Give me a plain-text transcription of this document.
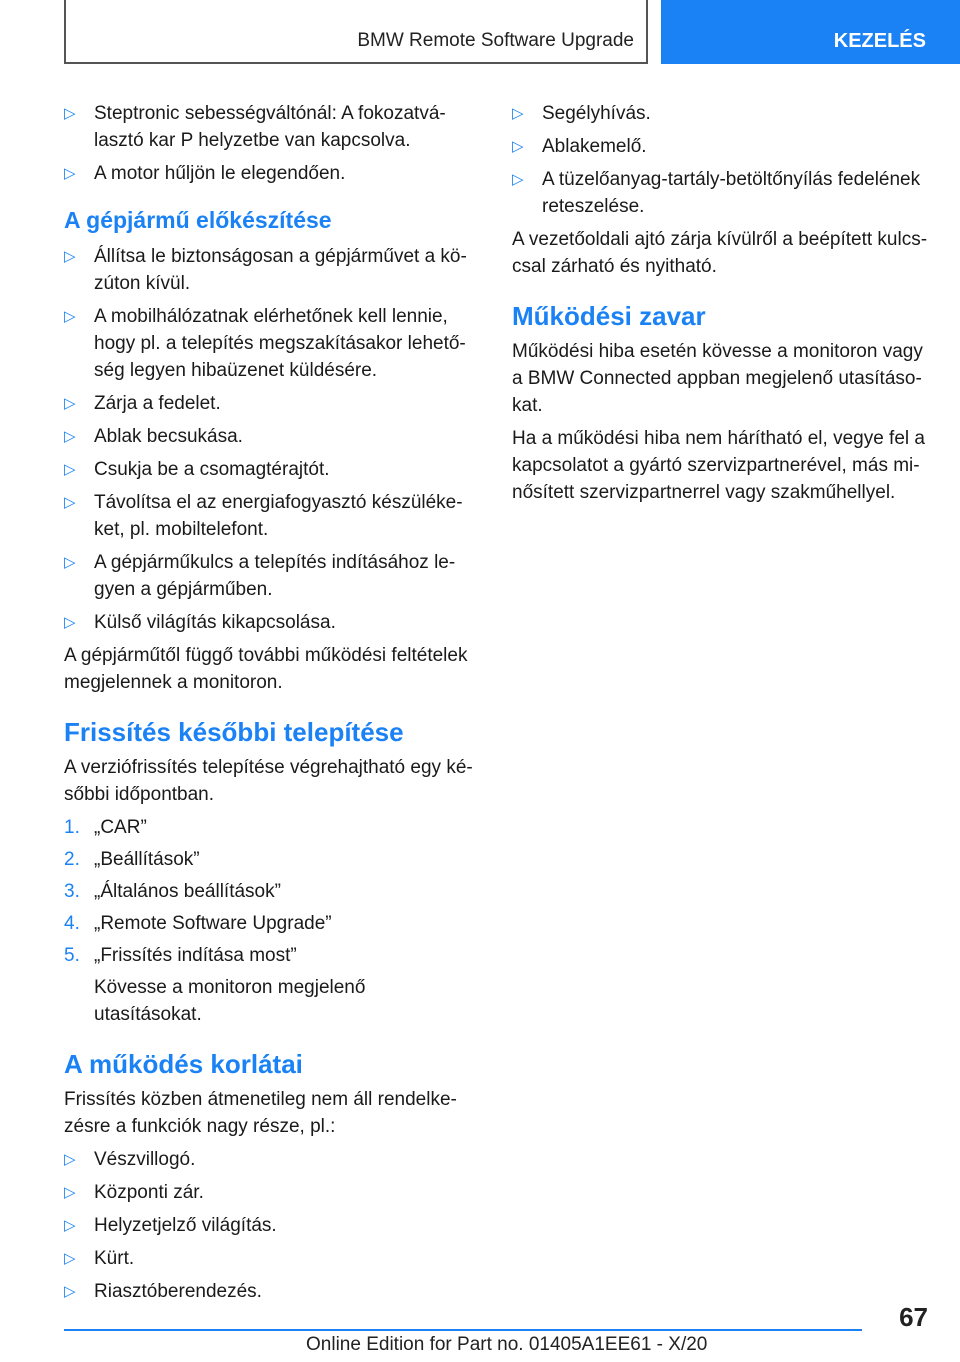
BMW Remote Software Upgrade	KEZELÉS
▷ Steptronic sebességváltónál: A fokozatvá-lasztó kar P helyzetbe van kapcsolva.
▷ A motor hűljön le elegendően.
A gépjármű előkészítése
▷ Állítsa le biztonságosan a gépjárművet a kö-zúton kívül.
▷ A mobilhálózatnak elérhetőnek kell lennie, hogy pl. a telepítés megszakításakor lehető-ség legyen hibaüzenet küldésére.
▷ Zárja a fedelet.
▷ Ablak becsukása.
▷ Csukja be a csomagtérajtót.
▷ Távolítsa el az energiafogyasztó készüléke-ket, pl. mobiltelefont.
▷ A gépjárműkulcs a telepítés indításához le-gyen a gépjárműben.
▷ Külső világítás kikapcsolása.

A gépjárműtől függő további működési feltételek megjelennek a monitoron.

Frissítés későbbi telepítése

A verziófrissítés telepítése végrehajtható egy ké-sőbbi időpontban.

1. „CAR”
2. „Beállítások”
3. „Általános beállítások”
4. „Remote Software Upgrade”
5. „Frissítés indítása most”

Kövesse a monitoron megjelenő utasításokat.

A működés korlátai

Frissítés közben átmenetileg nem áll rendelke-zésre a funkciók nagy része, pl.:

▷ Vészvillogó.
▷ Központi zár.
▷ Helyzetjelző világítás.
▷ Kürt.
▷ Riasztóberendezés.
▷ Segélyhívás.
▷ Ablakemelő.
▷ A tüzelőanyag-tartály-betöltőnyílás fedelének reteszelése.

A vezetőoldali ajtó zárja kívülről a beépített kulcs-csal zárható és nyitható.

Működési zavar

Működési hiba esetén kövesse a monitoron vagy a BMW Connected appban megjelenő utasításo-kat.

Ha a működési hiba nem hárítható el, vegye fel a kapcsolatot a gyártó szervizpartnerével, más mi-nősített szervizpartnerrel vagy szakműhellyel.

67
Online Edition for Part no. 01405A1EE61 - X/20
